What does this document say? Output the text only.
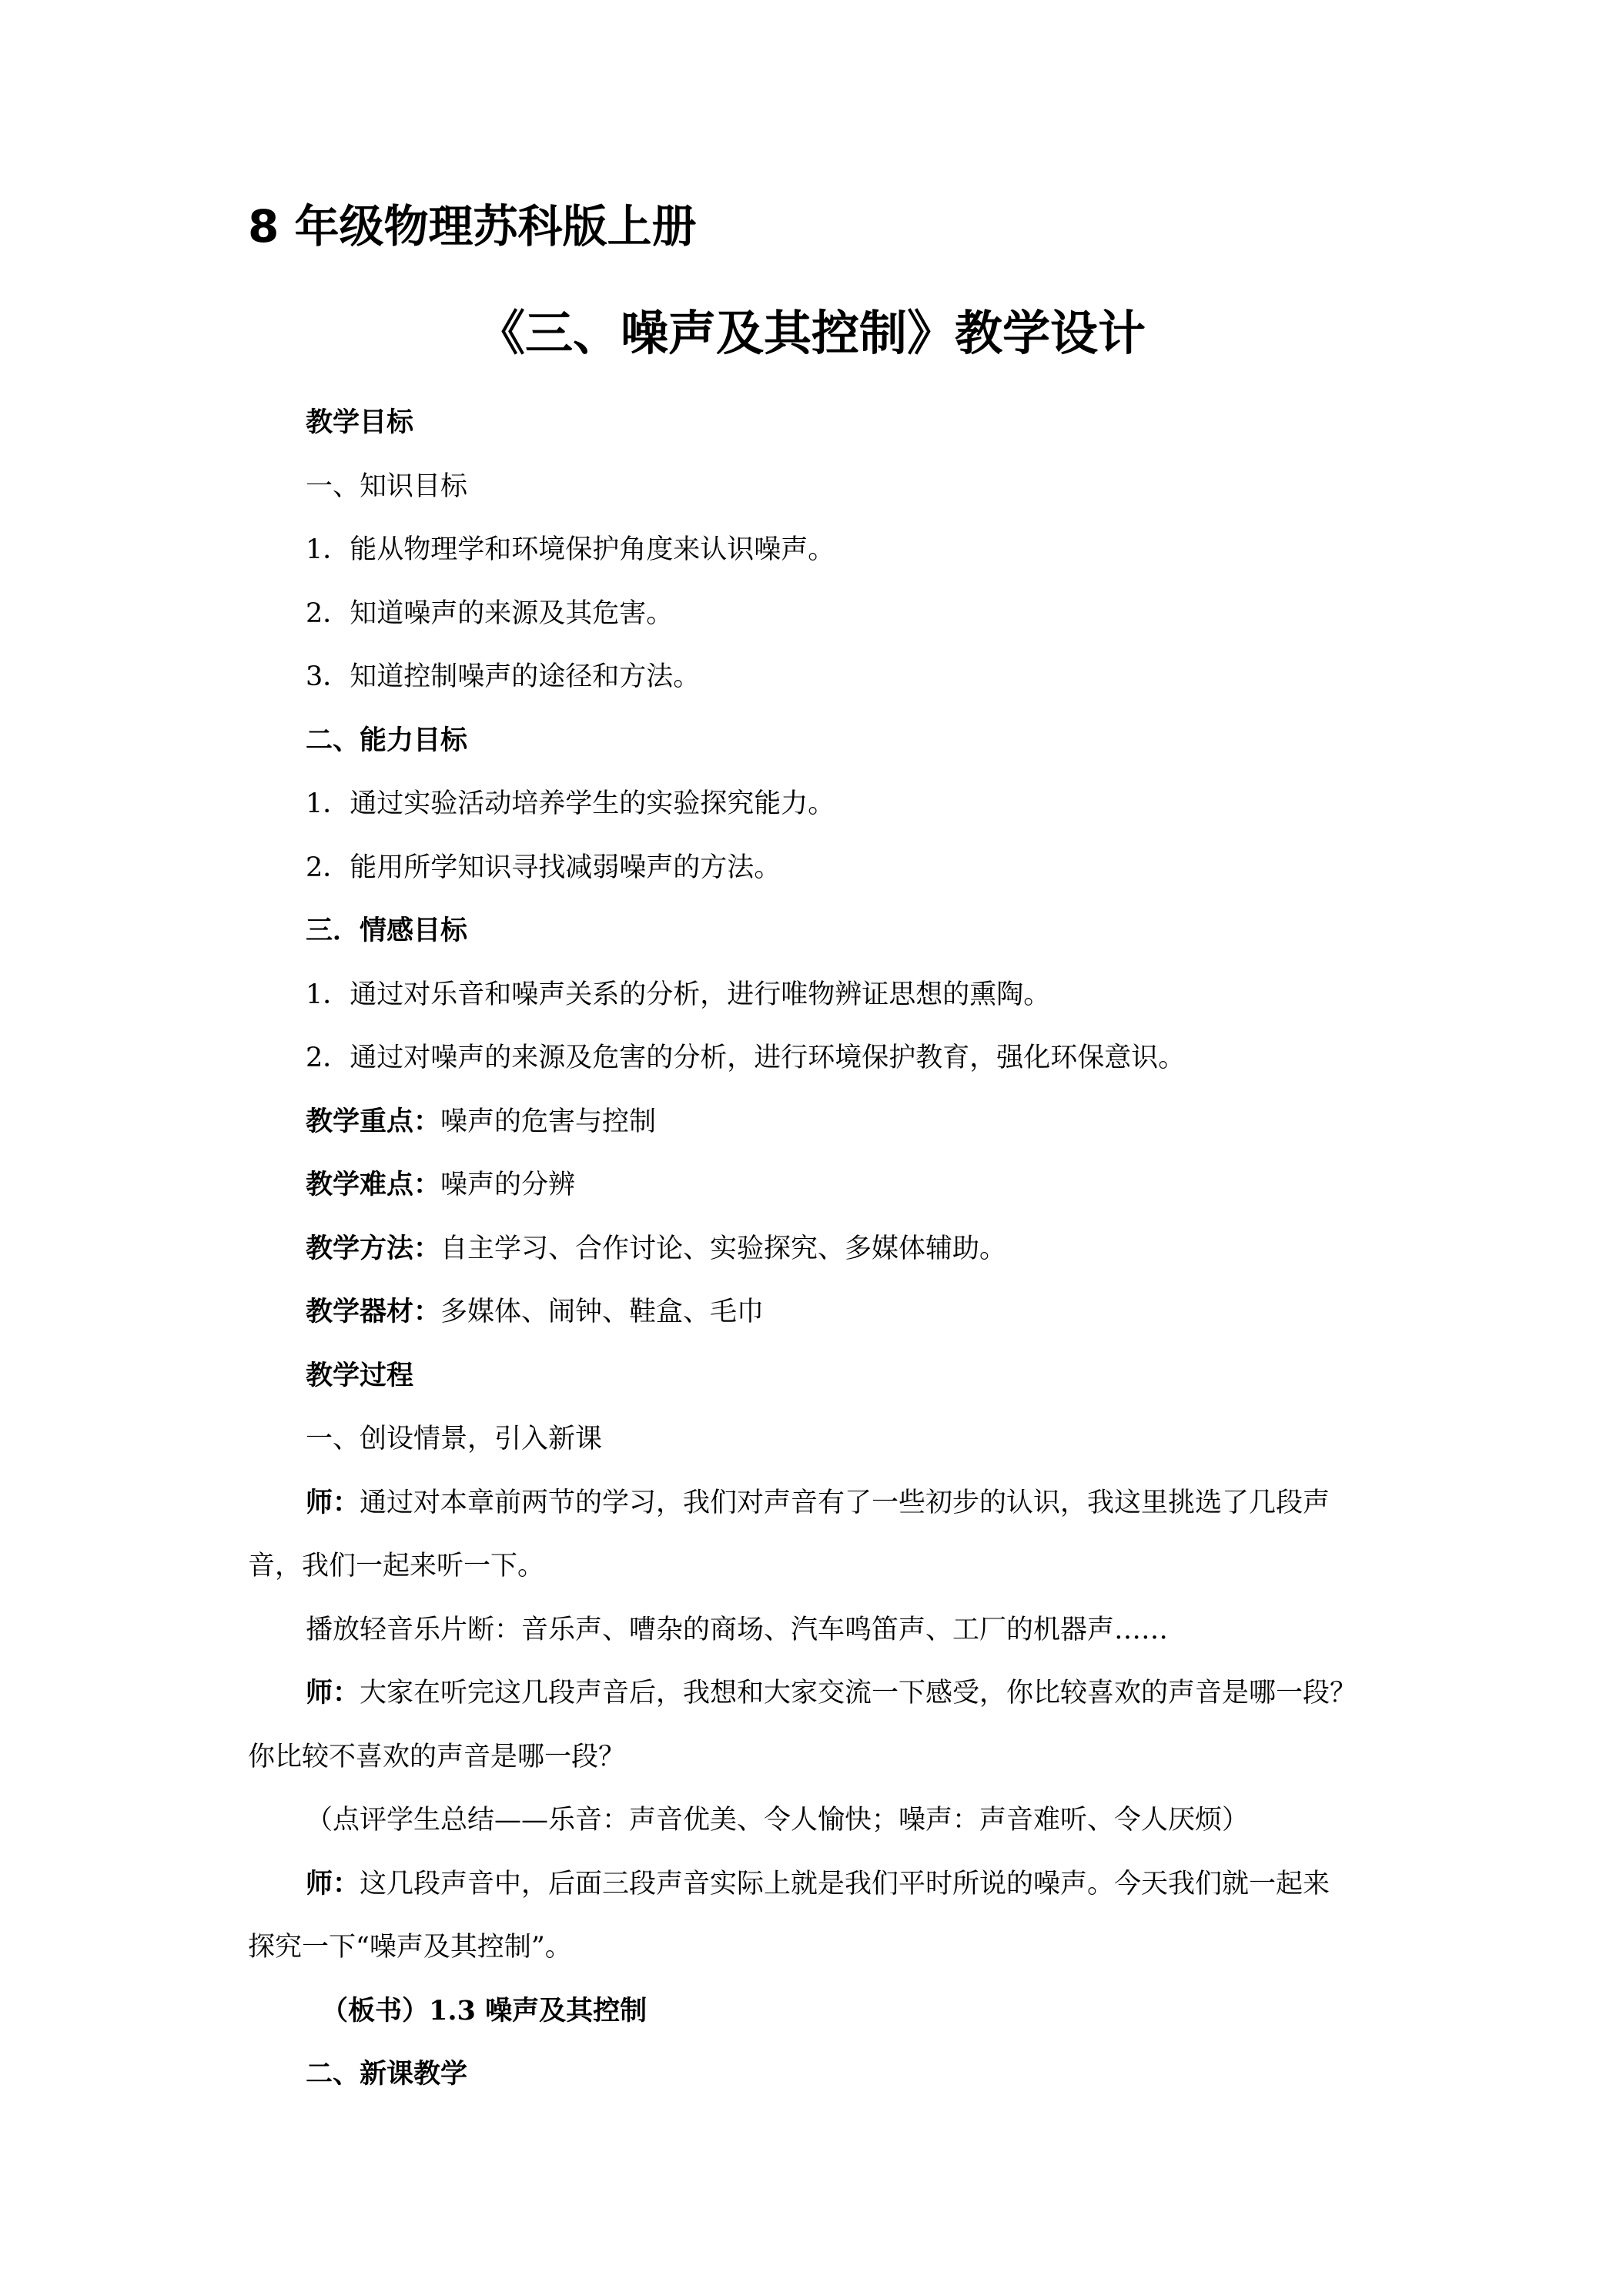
8 年级物理苏科版上册
《三、噪声及其控制》教学设计

教学目标

一、知识目标

1．能从物理学和环境保护角度来认识噪声。

2．知道噪声的来源及其危害。

3．知道控制噪声的途径和方法。

二、能力目标

1．通过实验活动培养学生的实验探究能力。

2．能用所学知识寻找减弱噪声的方法。

三．情感目标

1．通过对乐音和噪声关系的分析，进行唯物辨证思想的熏陶。

2．通过对噪声的来源及危害的分析，进行环境保护教育，强化环保意识。

教学重点：噪声的危害与控制

教学难点：噪声的分辨

教学方法：自主学习、合作讨论、实验探究、多媒体辅助。

教学器材：多媒体、闹钟、鞋盒、毛巾

教学过程

一、创设情景，引入新课

师：通过对本章前两节的学习，我们对声音有了一些初步的认识，我这里挑选了几段声

音，我们一起来听一下。

播放轻音乐片断：音乐声、嘈杂的商场、汽车鸣笛声、工厂的机器声……

师：大家在听完这几段声音后，我想和大家交流一下感受，你比较喜欢的声音是哪一段？

你比较不喜欢的声音是哪一段？

（点评学生总结——乐音：声音优美、令人愉快；噪声：声音难听、令人厌烦）

师：这几段声音中，后面三段声音实际上就是我们平时所说的噪声。今天我们就一起来

探究一下“噪声及其控制”。

（板书）1.3 噪声及其控制

二、新课教学
